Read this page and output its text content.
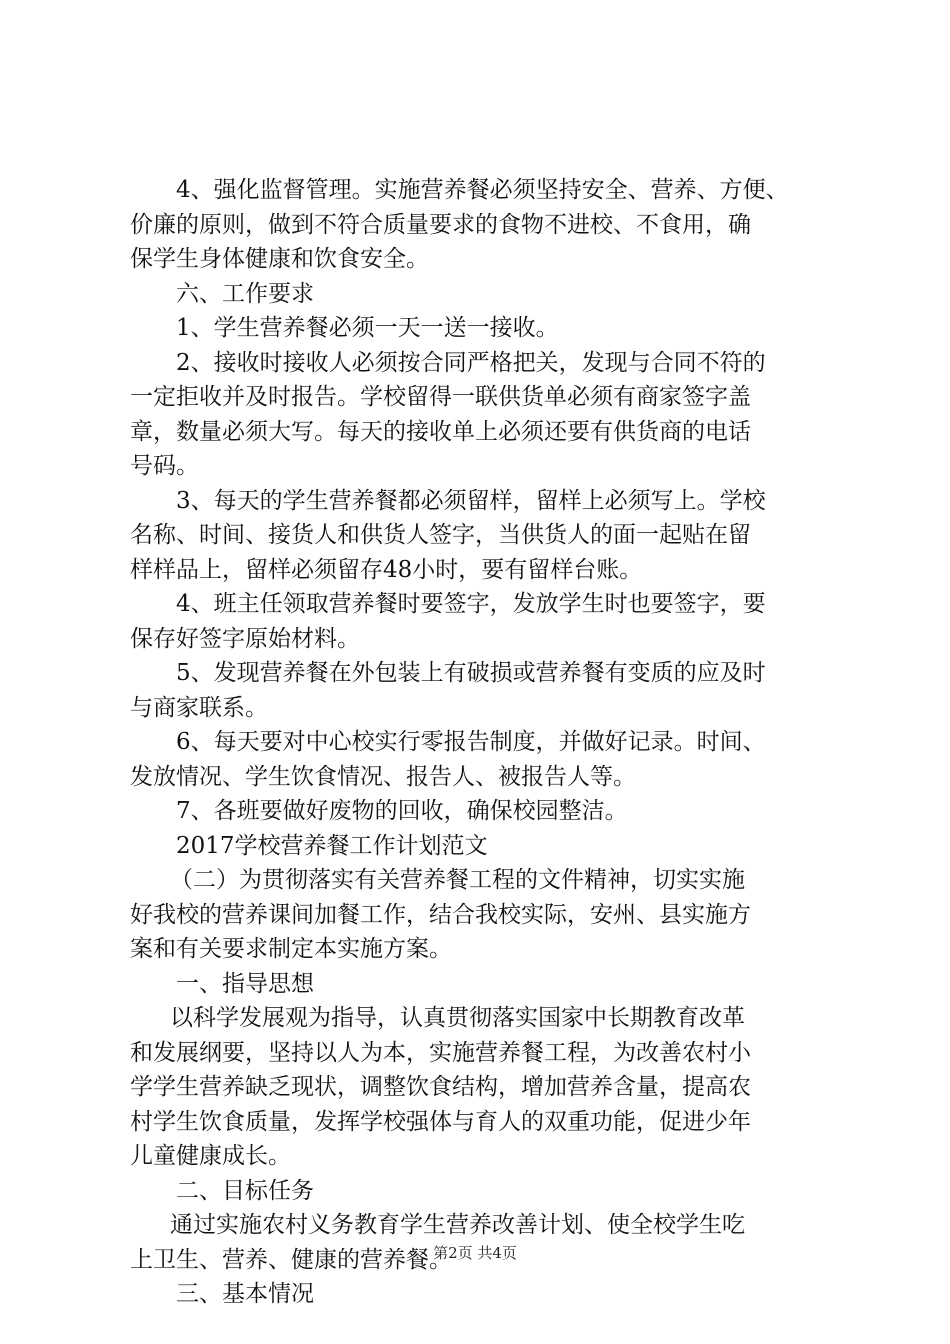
4、强化监督管理。实施营养餐必须坚持安全、营养、方便、
价廉的原则，做到不符合质量要求的食物不进校、不食用，确
保学生身体健康和饮食安全。
六、工作要求
1、学生营养餐必须一天一送一接收。
2、接收时接收人必须按合同严格把关，发现与合同不符的
一定拒收并及时报告。学校留得一联供货单必须有商家签字盖
章，数量必须大写。每天的接收单上必须还要有供货商的电话
号码。
3、每天的学生营养餐都必须留样，留样上必须写上。学校
名称、时间、接货人和供货人签字，当供货人的面一起贴在留
样样品上，留样必须留存48小时，要有留样台账。
4、班主任领取营养餐时要签字，发放学生时也要签字，要
保存好签字原始材料。
5、发现营养餐在外包装上有破损或营养餐有变质的应及时
与商家联系。
6、每天要对中心校实行零报告制度，并做好记录。时间、
发放情况、学生饮食情况、报告人、被报告人等。
7、各班要做好废物的回收，确保校园整洁。
2017学校营养餐工作计划范文
（二）为贯彻落实有关营养餐工程的文件精神，切实实施
好我校的营养课间加餐工作，结合我校实际，安州、县实施方
案和有关要求制定本实施方案。
一、指导思想
以科学发展观为指导，认真贯彻落实国家中长期教育改革
和发展纲要，坚持以人为本，实施营养餐工程，为改善农村小
学学生营养缺乏现状，调整饮食结构，增加营养含量，提高农
村学生饮食质量，发挥学校强体与育人的双重功能，促进少年
儿童健康成长。
二、目标任务
通过实施农村义务教育学生营养改善计划、使全校学生吃
上卫生、营养、健康的营养餐。
三、基本情况
第2页 共4页
